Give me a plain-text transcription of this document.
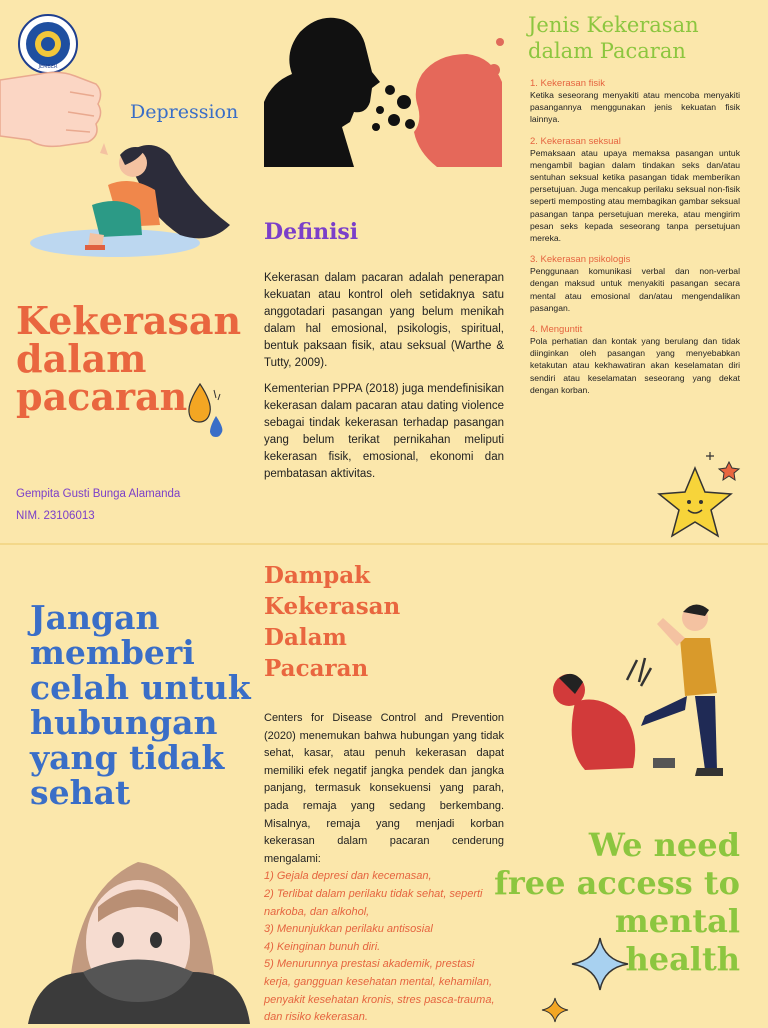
JEMBER
Depression
Kekerasan
dalam
pacaran
Gempita Gusti Bunga Alamanda
NIM. 23106013
Definisi
Kekerasan dalam pacaran adalah penerapan kekuatan atau kontrol oleh setidaknya satu anggotadari pasangan yang belum menikah dalam hal emosional, psikologis, spiritual, bentuk paksaan fisik, atau seksual (Warthe & Tutty, 2009).
Kementerian PPPA (2018) juga mendefinisikan kekerasan dalam pacaran atau dating violence sebagai tindak kekerasan terhadap pasangan yang belum terikat pernikahan meliputi kekerasan fisik, emosional, ekonomi dan pembatasan aktivitas.
Jenis Kekerasan
dalam Pacaran

1. Kekerasan fisik

Ketika seseorang menyakiti atau mencoba menyakiti pasangannya menggunakan jenis kekuatan fisik lainnya.

2. Kekerasan seksual

Pemaksaan atau upaya memaksa pasangan untuk mengambil bagian dalam tindakan seks dan/atau sentuhan seksual ketika pasangan tidak memberikan persetujuan. Juga mencakup perilaku seksual non-fisik seperti memposting atau membagikan gambar seksual pasangan tanpa persetujuan mereka, atau mengirim pesan seks kepada seseorang tanpa persetujuan mereka.

3. Kekerasan psikologis

Penggunaan komunikasi verbal dan non-verbal dengan maksud untuk menyakiti pasangan secara mental atau emosional dan/atau mengendalikan pasangan.

4. Menguntit

Pola perhatian dan kontak yang berulang dan tidak diinginkan oleh pasangan yang menyebabkan ketakutan atau kekhawatiran akan keselamatan diri sendiri atau keselamatan seseorang yang dekat dengan korban.
Jangan
memberi
celah untuk
hubungan
yang tidak
sehat
Dampak
Kekerasan
Dalam
Pacaran
Centers for Disease Control and Prevention (2020) menemukan bahwa hubungan yang tidak sehat, kasar, atau penuh kekerasan dapat memiliki efek negatif jangka pendek dan jangka panjang, termasuk konsekuensi yang parah, pada remaja yang sedang berkembang. Misalnya, remaja yang menjadi korban kekerasan dalam pacaran cenderung mengalami:
1) Gejala depresi dan kecemasan,
2) Terlibat dalam perilaku tidak sehat, seperti narkoba, dan alkohol,
3) Menunjukkan perilaku antisosial
4) Keinginan bunuh diri.
5) Menurunnya prestasi akademik, prestasi kerja, gangguan kesehatan mental, kehamilan, penyakit kesehatan kronis, stres pasca-trauma, dan risiko kekerasan.
We need
free access to
mental
health
